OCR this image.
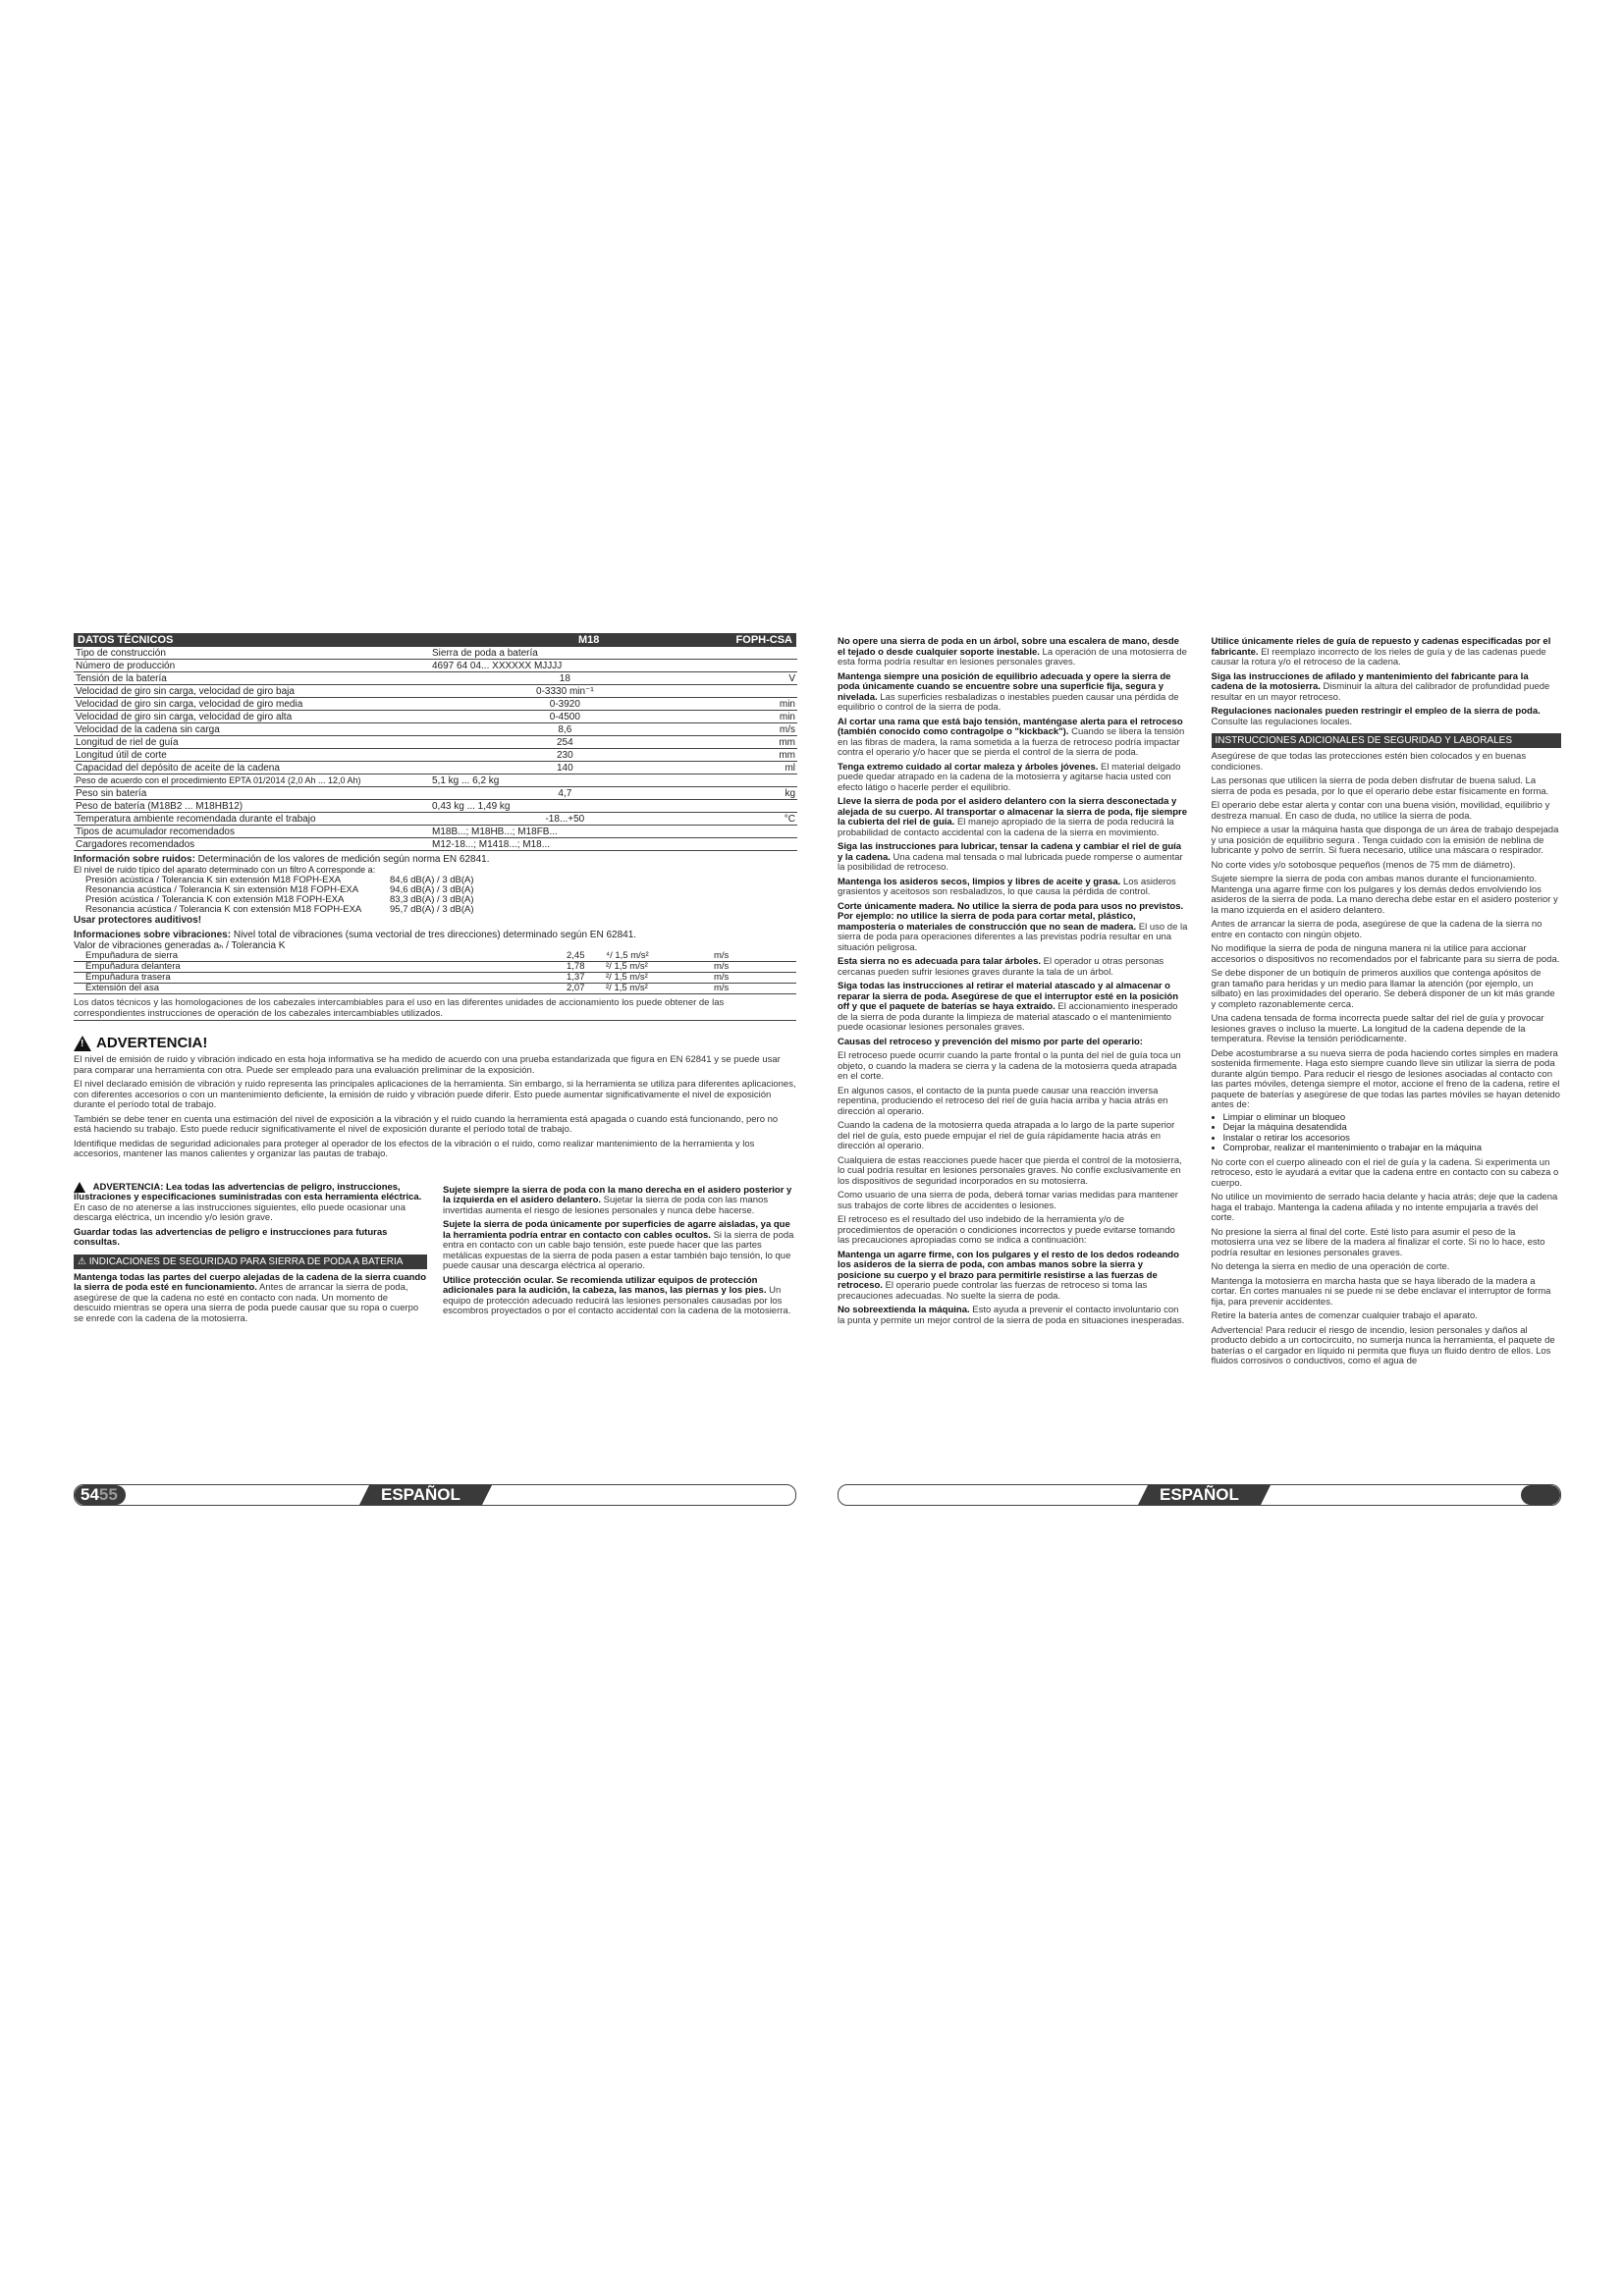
DATOS TÉCNICOS	M18	FOPH-CSA
Tipo de construcción	Sierra de poda a batería	
Número de producción	4697 64 04... XXXXXX MJJJJ	
Tensión de la batería	18	V
Velocidad de giro sin carga, velocidad de giro baja	0-3330 min⁻¹	
Velocidad de giro sin carga, velocidad de giro media	0-3920	min
Velocidad de giro sin carga, velocidad de giro alta	0-4500	min
Velocidad de la cadena sin carga	8,6	m/s
Longitud de riel de guía	254	mm
Longitud útil de corte	230	mm
Capacidad del depósito de aceite de la cadena	140	ml
Peso de acuerdo con el procedimiento EPTA 01/2014 (2,0 Ah ... 12,0 Ah)	5,1 kg ... 6,2 kg	
Peso sin batería	4,7	kg
Peso de batería (M18B2 ... M18HB12)	0,43 kg ... 1,49 kg	
Temperatura ambiente recomendada durante el trabajo	-18...+50	°C
Tipos de acumulador recomendados	M18B...; M18HB...; M18FB...	
Cargadores recomendados	M12-18...; M1418...; M18...	
Información sobre ruidos: Determinación de los valores de medición según norma EN 62841.
El nivel de ruido típico del aparato determinado con un filtro A corresponde a:
Presión acústica / Tolerancia K sin extensión M18 FOPH-EXA	84,6 dB(A) / 3 dB(A)
Resonancia acústica / Tolerancia K sin extensión M18 FOPH-EXA	94,6 dB(A) / 3 dB(A)
Presión acústica / Tolerancia K con extensión M18 FOPH-EXA	83,3 dB(A) / 3 dB(A)
Resonancia acústica / Tolerancia K con extensión M18 FOPH-EXA	95,7 dB(A) / 3 dB(A)
Usar protectores auditivos!
Informaciones sobre vibraciones: Nivel total de vibraciones (suma vectorial de tres direcciones) determinado según EN 62841.
Valor de vibraciones generadas aₕ / Tolerancia K
Empuñadura de sierra	2,45	⁴/ 1,5 m/s²	m/s
Empuñadura delantera	1,78	²/ 1,5 m/s²	m/s
Empuñadura trasera	1,37	²/ 1,5 m/s²	m/s
Extensión del asa	2,07	²/ 1,5 m/s²	m/s

Los datos técnicos y las homologaciones de los cabezales intercambiables para el uso en las diferentes unidades de accionamiento los puede obtener de las correspondientes instrucciones de operación de los cabezales intercambiables utilizados.

! ADVERTENCIA!

El nivel de emisión de ruido y vibración indicado en esta hoja informativa se ha medido de acuerdo con una prueba estandarizada que figura en EN 62841 y se puede usar para comparar una herramienta con otra. Puede ser empleado para una evaluación preliminar de la exposición.

El nivel declarado emisión de vibración y ruido representa las principales aplicaciones de la herramienta. Sin embargo, si la herramienta se utiliza para diferentes aplicaciones, con diferentes accesorios o con un mantenimiento deficiente, la emisión de ruido y vibración puede diferir. Esto puede aumentar significativamente el nivel de exposición durante el período total de trabajo.

También se debe tener en cuenta una estimación del nivel de exposición a la vibración y el ruido cuando la herramienta está apagada o cuando está funcionando, pero no está haciendo su trabajo. Esto puede reducir significativamente el nivel de exposición durante el período total de trabajo.

Identifique medidas de seguridad adicionales para proteger al operador de los efectos de la vibración o el ruido, como realizar mantenimiento de la herramienta y los accesorios, mantener las manos calientes y organizar las pautas de trabajo.

ADVERTENCIA: Lea todas las advertencias de peligro, instrucciones, ilustraciones y especificaciones suministradas con esta herramienta eléctrica. En caso de no atenerse a las instrucciones siguientes, ello puede ocasionar una descarga eléctrica, un incendio y/o lesión grave.

Guardar todas las advertencias de peligro e instrucciones para futuras consultas.

⚠ INDICACIONES DE SEGURIDAD PARA SIERRA DE PODA A BATERIA

Mantenga todas las partes del cuerpo alejadas de la cadena de la sierra cuando la sierra de poda esté en funcionamiento. Antes de arrancar la sierra de poda, asegúrese de que la cadena no esté en contacto con nada. Un momento de descuido mientras se opera una sierra de poda puede causar que su ropa o cuerpo se enrede con la cadena de la motosierra.

Sujete siempre la sierra de poda con la mano derecha en el asidero posterior y la izquierda en el asidero delantero. Sujetar la sierra de poda con las manos invertidas aumenta el riesgo de lesiones personales y nunca debe hacerse.

Sujete la sierra de poda únicamente por superficies de agarre aisladas, ya que la herramienta podría entrar en contacto con cables ocultos. Si la sierra de poda entra en contacto con un cable bajo tensión, este puede hacer que las partes metálicas expuestas de la sierra de poda pasen a estar también bajo tensión, lo que puede causar una descarga eléctrica al operario.

Utilice protección ocular. Se recomienda utilizar equipos de protección adicionales para la audición, la cabeza, las manos, las piernas y los pies. Un equipo de protección adecuado reducirá las lesiones personales causadas por los escombros proyectados o por el contacto accidental con la cadena de la motosierra.

No opere una sierra de poda en un árbol, sobre una escalera de mano, desde el tejado o desde cualquier soporte inestable. La operación de una motosierra de esta forma podría resultar en lesiones personales graves.

Mantenga siempre una posición de equilibrio adecuada y opere la sierra de poda únicamente cuando se encuentre sobre una superficie fija, segura y nivelada. Las superficies resbaladizas o inestables pueden causar una pérdida de equilibrio o control de la sierra de poda.

Al cortar una rama que está bajo tensión, manténgase alerta para el retroceso (también conocido como contragolpe o "kickback"). Cuando se libera la tensión en las fibras de madera, la rama sometida a la fuerza de retroceso podría impactar contra el operario y/o hacer que se pierda el control de la sierra de poda.

Tenga extremo cuidado al cortar maleza y árboles jóvenes. El material delgado puede quedar atrapado en la cadena de la motosierra y agitarse hacia usted con efecto látigo o hacerle perder el equilibrio.

Lleve la sierra de poda por el asidero delantero con la sierra desconectada y alejada de su cuerpo. Al transportar o almacenar la sierra de poda, fije siempre la cubierta del riel de guía. El manejo apropiado de la sierra de poda reducirá la probabilidad de contacto accidental con la cadena de la sierra en movimiento.

Siga las instrucciones para lubricar, tensar la cadena y cambiar el riel de guía y la cadena. Una cadena mal tensada o mal lubricada puede romperse o aumentar la posibilidad de retroceso.

Mantenga los asideros secos, limpios y libres de aceite y grasa. Los asideros grasientos y aceitosos son resbaladizos, lo que causa la pérdida de control.

Corte únicamente madera. No utilice la sierra de poda para usos no previstos. Por ejemplo: no utilice la sierra de poda para cortar metal, plástico, mampostería o materiales de construcción que no sean de madera. El uso de la sierra de poda para operaciones diferentes a las previstas podría resultar en una situación peligrosa.

Esta sierra no es adecuada para talar árboles. El operador u otras personas cercanas pueden sufrir lesiones graves durante la tala de un árbol.

Siga todas las instrucciones al retirar el material atascado y al almacenar o reparar la sierra de poda. Asegúrese de que el interruptor esté en la posición off y que el paquete de baterías se haya extraído. El accionamiento inesperado de la sierra de poda durante la limpieza de material atascado o el mantenimiento puede ocasionar lesiones personales graves.

Causas del retroceso y prevención del mismo por parte del operario:

El retroceso puede ocurrir cuando la parte frontal o la punta del riel de guía toca un objeto, o cuando la madera se cierra y la cadena de la motosierra queda atrapada en el corte.

En algunos casos, el contacto de la punta puede causar una reacción inversa repentina, produciendo el retroceso del riel de guía hacia arriba y hacia atrás en dirección al operario.

Cuando la cadena de la motosierra queda atrapada a lo largo de la parte superior del riel de guía, esto puede empujar el riel de guía rápidamente hacia atrás en dirección al operario.

Cualquiera de estas reacciones puede hacer que pierda el control de la motosierra, lo cual podría resultar en lesiones personales graves. No confíe exclusivamente en los dispositivos de seguridad incorporados en su motosierra.

Como usuario de una sierra de poda, deberá tomar varias medidas para mantener sus trabajos de corte libres de accidentes o lesiones.

El retroceso es el resultado del uso indebido de la herramienta y/o de procedimientos de operación o condiciones incorrectos y puede evitarse tomando las precauciones apropiadas como se indica a continuación:

Mantenga un agarre firme, con los pulgares y el resto de los dedos rodeando los asideros de la sierra de poda, con ambas manos sobre la sierra y posicione su cuerpo y el brazo para permitirle resistirse a las fuerzas de retroceso. El operario puede controlar las fuerzas de retroceso si toma las precauciones adecuadas. No suelte la sierra de poda.

No sobreextienda la máquina. Esto ayuda a prevenir el contacto involuntario con la punta y permite un mejor control de la sierra de poda en situaciones inesperadas.

Utilice únicamente rieles de guía de repuesto y cadenas especificadas por el fabricante. El reemplazo incorrecto de los rieles de guía y de las cadenas puede causar la rotura y/o el retroceso de la cadena.

Siga las instrucciones de afilado y mantenimiento del fabricante para la cadena de la motosierra. Disminuir la altura del calibrador de profundidad puede resultar en un mayor retroceso.

Regulaciones nacionales pueden restringir el empleo de la sierra de poda. Consulte las regulaciones locales.

INSTRUCCIONES ADICIONALES DE SEGURIDAD Y LABORALES

Asegúrese de que todas las protecciones estén bien colocados y en buenas condiciones.

Las personas que utilicen la sierra de poda deben disfrutar de buena salud. La sierra de poda es pesada, por lo que el operario debe estar físicamente en forma.

El operario debe estar alerta y contar con una buena visión, movilidad, equilibrio y destreza manual. En caso de duda, no utilice la sierra de poda.

No empiece a usar la máquina hasta que disponga de un área de trabajo despejada y una posición de equilibrio segura . Tenga cuidado con la emisión de neblina de lubricante y polvo de serrín. Si fuera necesario, utilice una máscara o respirador.

No corte vides y/o sotobosque pequeños (menos de 75 mm de diámetro).

Sujete siempre la sierra de poda con ambas manos durante el funcionamiento. Mantenga una agarre firme con los pulgares y los demás dedos envolviendo los asideros de la sierra de poda. La mano derecha debe estar en el asidero posterior y la mano izquierda en el asidero delantero.

Antes de arrancar la sierra de poda, asegúrese de que la cadena de la sierra no entre en contacto con ningún objeto.

No modifique la sierra de poda de ninguna manera ni la utilice para accionar accesorios o dispositivos no recomendados por el fabricante para su sierra de poda.

Se debe disponer de un botiquín de primeros auxilios que contenga apósitos de gran tamaño para heridas y un medio para llamar la atención (por ejemplo, un silbato) en las proximidades del operario. Se deberá disponer de un kit más grande y completo razonablemente cerca.

Una cadena tensada de forma incorrecta puede saltar del riel de guía y provocar lesiones graves o incluso la muerte. La longitud de la cadena depende de la temperatura. Revise la tensión periódicamente.

Debe acostumbrarse a su nueva sierra de poda haciendo cortes simples en madera sostenida firmemente. Haga esto siempre cuando lleve sin utilizar la sierra de poda durante algún tiempo. Para reducir el riesgo de lesiones asociadas al contacto con las partes móviles, detenga siempre el motor, accione el freno de la cadena, retire el paquete de baterías y asegúrese de que todas las partes móviles se hayan detenido antes de:

• Limpiar o eliminar un bloqueo
• Dejar la máquina desatendida
• Instalar o retirar los accesorios
• Comprobar, realizar el mantenimiento o trabajar en la máquina

No corte con el cuerpo alineado con el riel de guía y la cadena. Si experimenta un retroceso, esto le ayudará a evitar que la cadena entre en contacto con su cabeza o cuerpo.

No utilice un movimiento de serrado hacia delante y hacia atrás; deje que la cadena haga el trabajo. Mantenga la cadena afilada y no intente empujarla a través del corte.

No presione la sierra al final del corte. Esté listo para asumir el peso de la motosierra una vez se libere de la madera al finalizar el corte. Si no lo hace, esto podría resultar en lesiones personales graves.

No detenga la sierra en medio de una operación de corte.

Mantenga la motosierra en marcha hasta que se haya liberado de la madera a cortar. En cortes manuales ni se puede ni se debe enclavar el interruptor de forma fija, para prevenir accidentes.

Retire la batería antes de comenzar cualquier trabajo el aparato.

Advertencia! Para reducir el riesgo de incendio, lesion personales y daños al producto debido a un cortocircuito, no sumerja nunca la herramienta, el paquete de baterías o el cargador en líquido ni permita que fluya un fluido dentro de ellos. Los fluidos corrosivos o conductivos, como el agua de

5455	ESPAÑOL	ESPAÑOL
